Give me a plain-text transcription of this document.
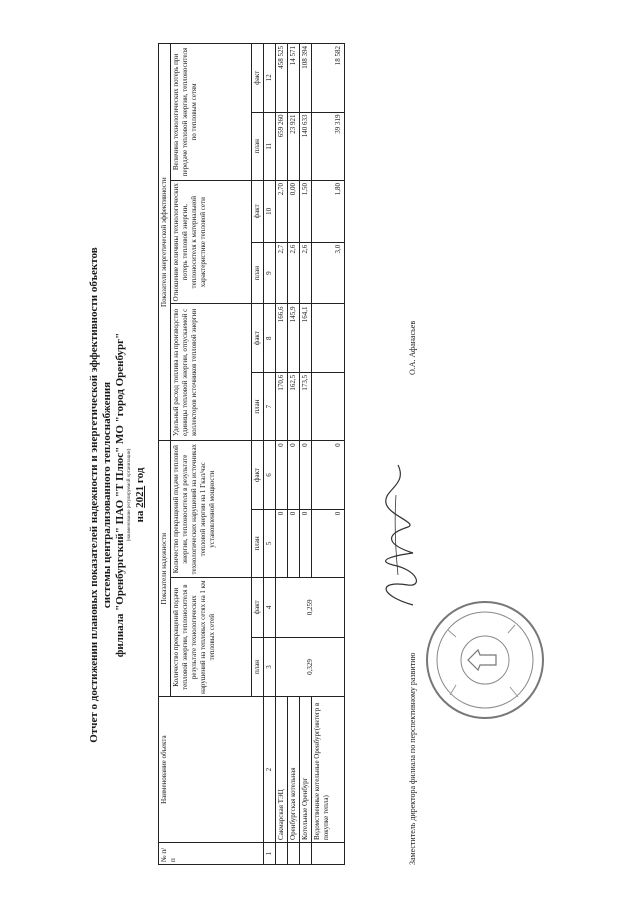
Отчет о достижении плановых показателей надежности и энергетической эффективности объектов системы централизованного теплоснабжения филиала "Оренбургский" ПАО "Т Плюс" МО "город Оренбург" (наименование регулируемой организации) на 2021 год
№ п/п	Наименование объекта	Показатели надежности				Показатели энергетической эффективности					
		Количество прекращений подачи тепловой энергии, теплоносителя в результате технологических нарушений на тепловых сетях на 1 км тепловых сетей		Количество прекращений подачи тепловой энергии, теплоносителя в результате технологических нарушений на источниках тепловой энергии на 1 Гкал/час установленной мощности		Удельный расход топлива на производство единицы тепловой энергии, отпускаемой с коллекторов источников тепловой энергии		Отношение величины технологических потерь тепловой энергии, теплоносителя к материальной характеристике тепловой сети		Величина технологических потерь при передаче тепловой энергии, теплоносителя по тепловым сетям	
		план	факт	план	факт	план	факт	план	факт	план	факт
1	2	3	4	5	6	7	8	9	10	11	12
	Сакмарская ТЭЦ	0,329	0,259	0	0	170,6	166,6	2,7	2,70	659 260	458 525
	Оренбургская котельная			0	0	162,5	145,9	2,6	0,00	23 921	14 571
	Котельные Оренбург			0	0	173,5	164,1	2,6	1,50	140 633	108 394
	Ведомственные котельные Оренбург(интегр в покупке тепла)			0	0			3,0	1,80	39 319	18 582
Заместитель директора филиала по перспективному развитию
О.А. Афанасьев
